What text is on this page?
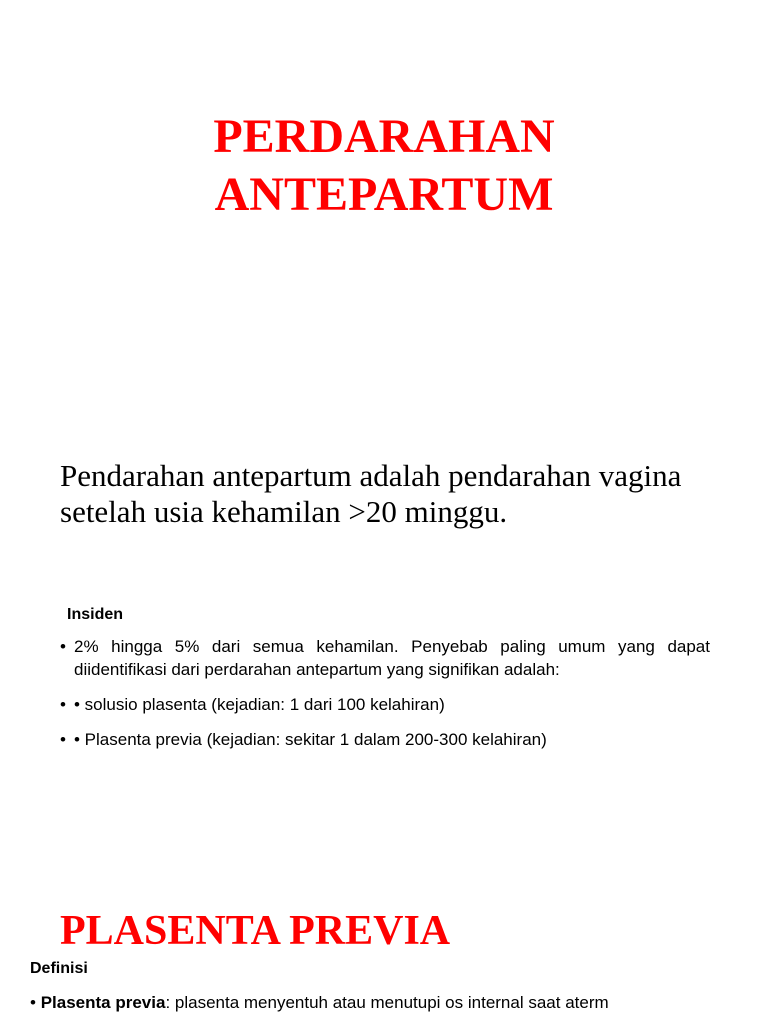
PERDARAHAN
ANTEPARTUM

Pendarahan antepartum adalah pendarahan vagina setelah usia kehamilan >20 minggu.

Insiden

• 2% hingga 5% dari semua kehamilan. Penyebab paling umum yang dapat diidentifikasi dari perdarahan antepartum yang signifikan adalah:
• • solusio plasenta (kejadian: 1 dari 100 kelahiran)
• • Plasenta previa (kejadian: sekitar 1 dalam 200-300 kelahiran)
PLASENTA PREVIA

Definisi

• Plasenta previa: plasenta menyentuh atau menutupi os internal saat aterm
